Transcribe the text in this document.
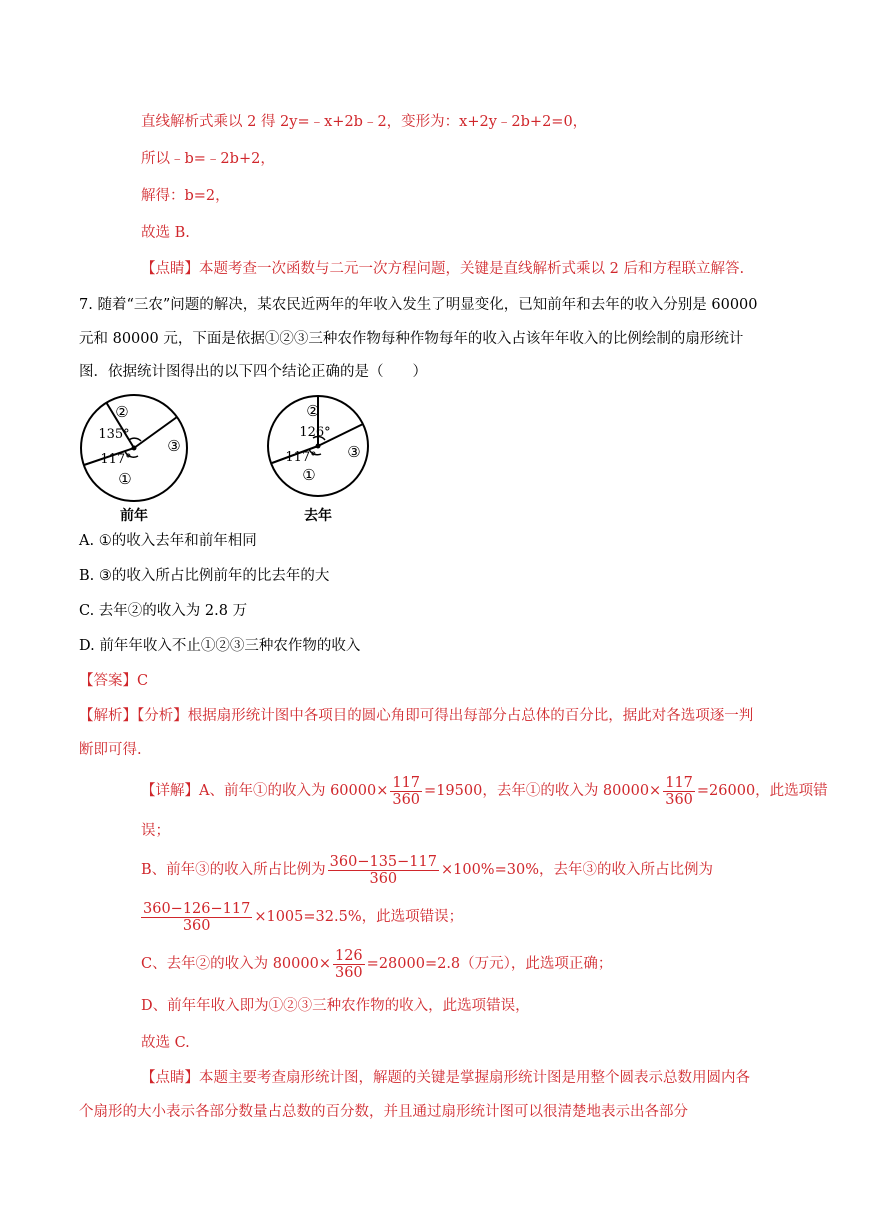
直线解析式乘以 2 得 2y=﹣x+2b﹣2，变形为：x+2y﹣2b+2=0，
所以﹣b=﹣2b+2，
解得：b=2，
故选 B.
【点睛】本题考查一次函数与二元一次方程问题，关键是直线解析式乘以 2 后和方程联立解答.
7. 随着“三农”问题的解决，某农民近两年的年收入发生了明显变化，已知前年和去年的收入分别是 60000
元和 80000 元，下面是依据①②③三种农作物每种作物每年的收入占该年年收入的比例绘制的扇形统计
图．依据统计图得出的以下四个结论正确的是（　　）
②
135°
③
117°
①
前年
②
126°
③
117°
①
去年
A. ①的收入去年和前年相同
B. ③的收入所占比例前年的比去年的大
C. 去年②的收入为 2.8 万
D. 前年年收入不止①②③三种农作物的收入
【答案】C
【解析】【分析】根据扇形统计图中各项目的圆心角即可得出每部分占总体的百分比，据此对各选项逐一判
断即可得.
【详解】A、前年①的收入为 $60000\times \frac{117}{360} =19500$，去年①的收入为 $80000\times \frac{117}{360} =26000$，此选项错
误；
B、前年③的收入所占比例为 $\frac{360-135-117}{360} \times 100\%=30\%$，去年③的收入所占比例为
$\frac{360-126-117}{360} \times 1005=32.5\%$，此选项错误；
C、去年②的收入为 $80000\times \frac{126}{360} =28000=2.8$（万元），此选项正确；
D、前年年收入即为①②③三种农作物的收入，此选项错误，
故选 C.
【点睛】本题主要考查扇形统计图，解题的关键是掌握扇形统计图是用整个圆表示总数用圆内各
个扇形的大小表示各部分数量占总数的百分数，并且通过扇形统计图可以很清楚地表示出各部分
